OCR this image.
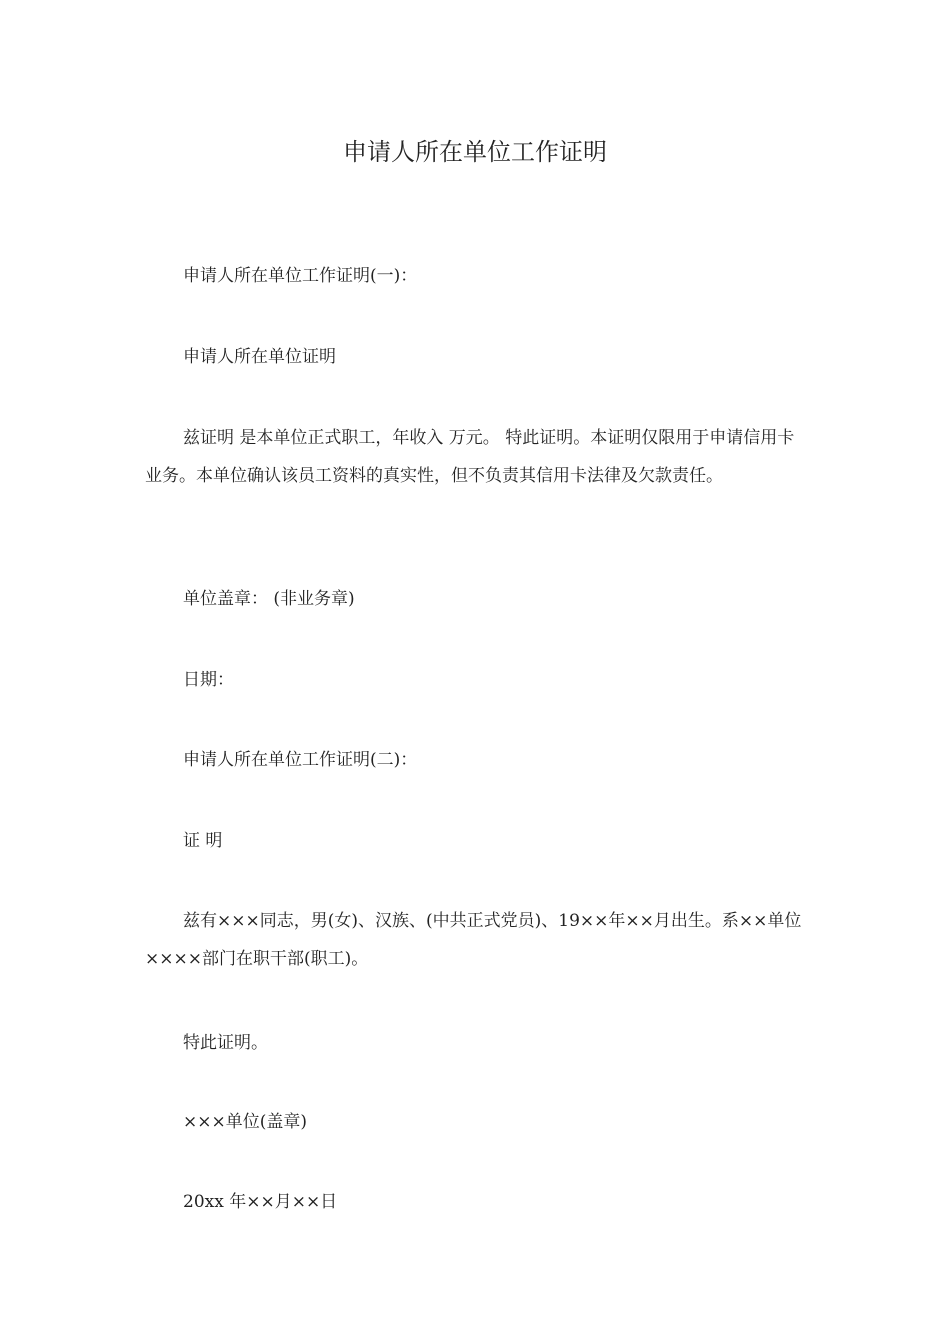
申请人所在单位工作证明
申请人所在单位工作证明(一)：
申请人所在单位证明
兹证明 是本单位正式职工，年收入 万元。 特此证明。本证明仅限用于申请信用卡业务。本单位确认该员工资料的真实性，但不负责其信用卡法律及欠款责任。
单位盖章： (非业务章)
日期：
申请人所在单位工作证明(二)：
证 明
兹有×××同志，男(女)、汉族、(中共正式党员)、19××年××月出生。系××单位××××部门在职干部(职工)。
特此证明。
×××单位(盖章)
20xx 年××月××日
